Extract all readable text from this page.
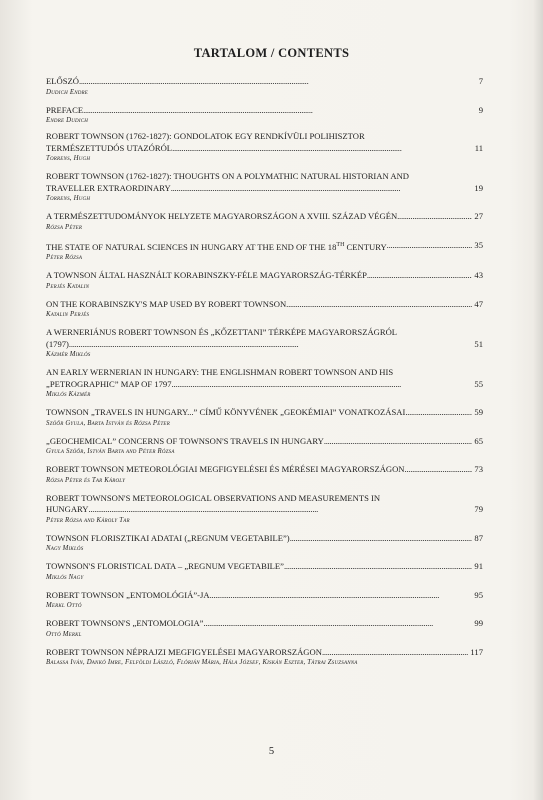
TARTALOM / CONTENTS
ELŐSZÓ . . .	7
Dudich Endre
PREFACE . . .	9
Endre Dudich
ROBERT TOWNSON (1762-1827): GONDOLATOK EGY RENDKÍVÜLI POLIHISZTOR
TERMÉSZETTUDÓS UTAZÓRÓL . . .	11
Torrens, Hugh
ROBERT TOWNSON (1762-1827): THOUGHTS ON A POLYMATHIC NATURAL HISTORIAN AND
TRAVELLER EXTRAORDINARY . . .	19
Torrens, Hugh
A TERMÉSZETTUDOMÁNYOK HELYZETE MAGYARORSZÁGON A XVIII. SZÁZAD VÉGÉN . . .	27
Rózsa Péter
THE STATE OF NATURAL SCIENCES IN HUNGARY AT THE END OF THE 18TH CENTURY . . .	35
Péter Rózsa
A TOWNSON ÁLTAL HASZNÁLT KORABINSZKY-FÉLE MAGYARORSZÁG-TÉRKÉP . . .	43
Perjés Katalin
ON THE KORABINSZKY'S MAP USED BY ROBERT TOWNSON . . .	47
Katalin Perjés
A WERNERIÁNUS ROBERT TOWNSON ÉS „KŐZETTANI” TÉRKÉPE MAGYARORSZÁGRÓL
(1797) . . .	51
Kázmér Miklós
AN EARLY WERNERIAN IN HUNGARY: THE ENGLISHMAN ROBERT TOWNSON AND HIS
„PETROGRAPHIC” MAP OF 1797 . . .	55
Miklós Kázmér
TOWNSON „TRAVELS IN HUNGARY...” CÍMŰ KÖNYVÉNEK „GEOKÉMIAI” VONATKOZÁSAI . . .	59
Szöőr Gyula, Barta István és Rózsa Péter
„GEOCHEMICAL” CONCERNS OF TOWNSON'S TRAVELS IN HUNGARY . . .	65
Gyula Szöőr, István Barta and Péter Rózsa
ROBERT TOWNSON METEOROLÓGIAI MEGFIGYELÉSEI ÉS MÉRÉSEI MAGYARORSZÁGON . . .	73
Rózsa Péter és Tar Károly
ROBERT TOWNSON'S METEOROLOGICAL OBSERVATIONS AND MEASUREMENTS IN
HUNGARY . . .	79
Péter Rózsa and Károly Tar
TOWNSON FLORISZTIKAI ADATAI („REGNUM VEGETABILE”) . . .	87
Nagy Miklós
TOWNSON'S FLORISTICAL DATA – „REGNUM VEGETABILE” . . .	91
Miklós Nagy
ROBERT TOWNSON „ENTOMOLÓGIÁ”-JA . . .	95
Merkl Ottó
ROBERT TOWNSON'S „ENTOMOLOGIA” . . .	99
Ottó Merkl
ROBERT TOWNSON NÉPRAJZI MEGFIGYELÉSEI MAGYARORSZÁGON . . .	117
Balassa Iván, Dankó Imre, Felföldi László, Flórián Mária, Hála József, Kiskán Eszter, Tátrai Zsuzsanna
5
